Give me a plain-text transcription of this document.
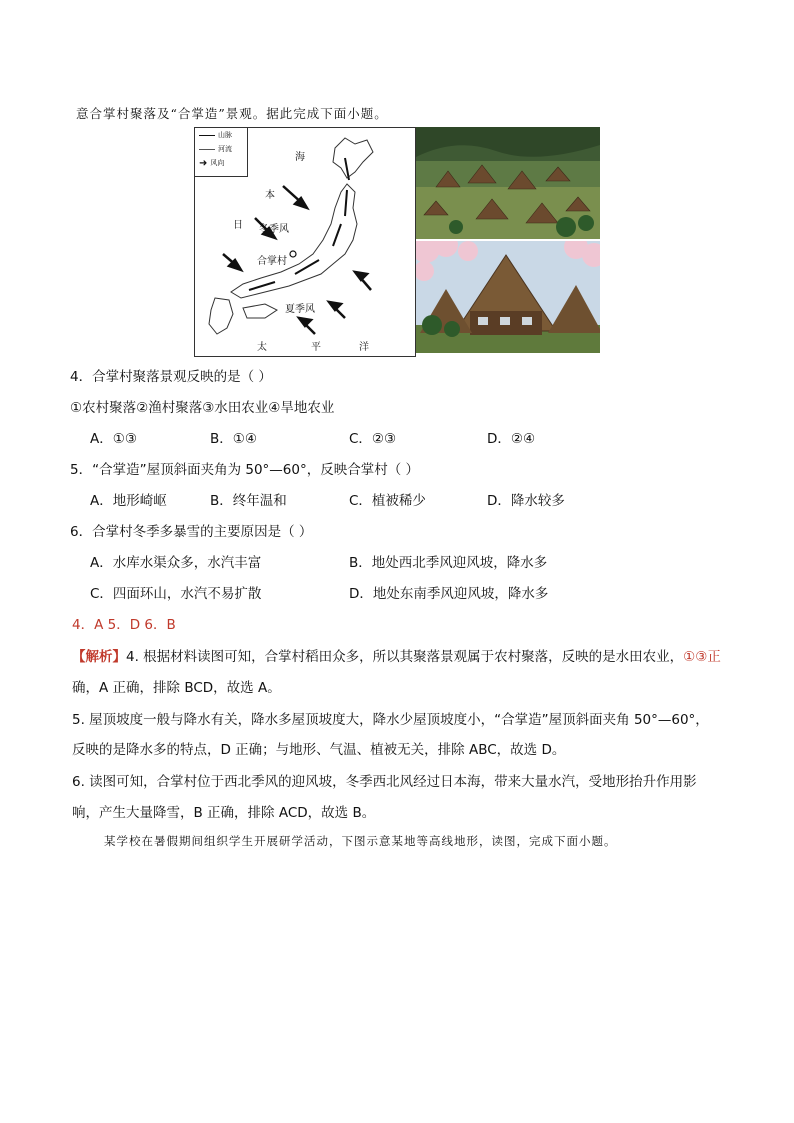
意合掌村聚落及“合掌造”景观。据此完成下面小题。
山脉
河流
➜ 风向	海
本
日 冬季风
合掌村
夏季风
太	平	洋
4．合掌村聚落景观反映的是（ ）
①农村聚落②渔村聚落③水田农业④旱地农业
A．①③	B．①④	C．②③	D．②④
5．“合掌造”屋顶斜面夹角为 50°—60°，反映合掌村（ ）
A．地形崎岖	B．终年温和	C．植被稀少	D．降水较多
6．合掌村冬季多暴雪的主要原因是（ ）
A．水库水渠众多，水汽丰富	B．地处西北季风迎风坡，降水多
C．四面环山，水汽不易扩散	D．地处东南季风迎风坡，降水多
4．A 5．D 6．B
【解析】4. 根据材料读图可知，合掌村稻田众多，所以其聚落景观属于农村聚落，反映的是水田农业，①③正
确，A 正确，排除 BCD，故选 A。
5. 屋顶坡度一般与降水有关，降水多屋顶坡度大，降水少屋顶坡度小，“合掌造”屋顶斜面夹角 50°—60°，
反映的是降水多的特点，D 正确；与地形、气温、植被无关，排除 ABC，故选 D。
6. 读图可知，合掌村位于西北季风的迎风坡，冬季西北风经过日本海，带来大量水汽，受地形抬升作用影
响，产生大量降雪，B 正确，排除 ACD，故选 B。
某学校在暑假期间组织学生开展研学活动，下图示意某地等高线地形，读图，完成下面小题。
